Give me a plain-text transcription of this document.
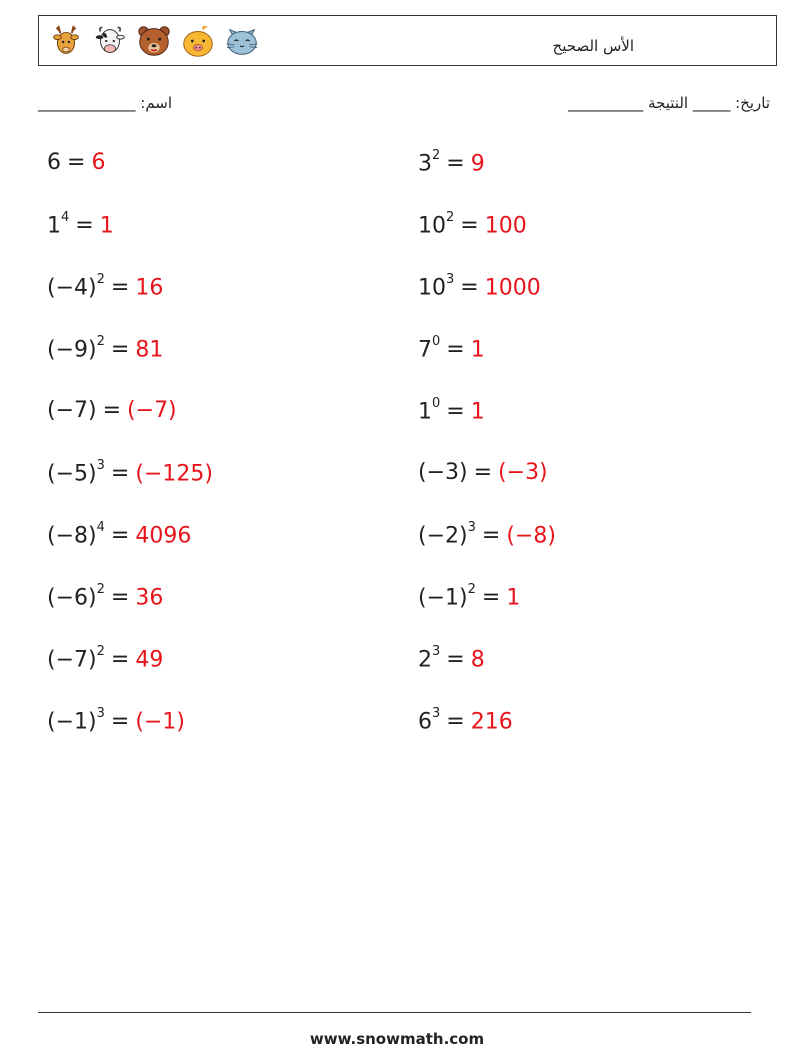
الأس الصحيح
اسم: _____________	تاريخ: _____ النتيجة __________
6 = 6
$1^4 = 1$
$(-4)^2 = 16$
$(-9)^2 = 81$
(−7) = (−7)
$(-5)^3 = (-125)$
$(-8)^4 = 4096$
$(-6)^2 = 36$
$(-7)^2 = 49$
$(-1)^3 = (-1)$
$3^2 = 9$
$10^2 = 100$
$10^3 = 1000$
$7^0 = 1$
$1^0 = 1$
(−3) = (−3)
$(-2)^3 = (-8)$
$(-1)^2 = 1$
$2^3 = 8$
$6^3 = 216$
www.snowmath.com
